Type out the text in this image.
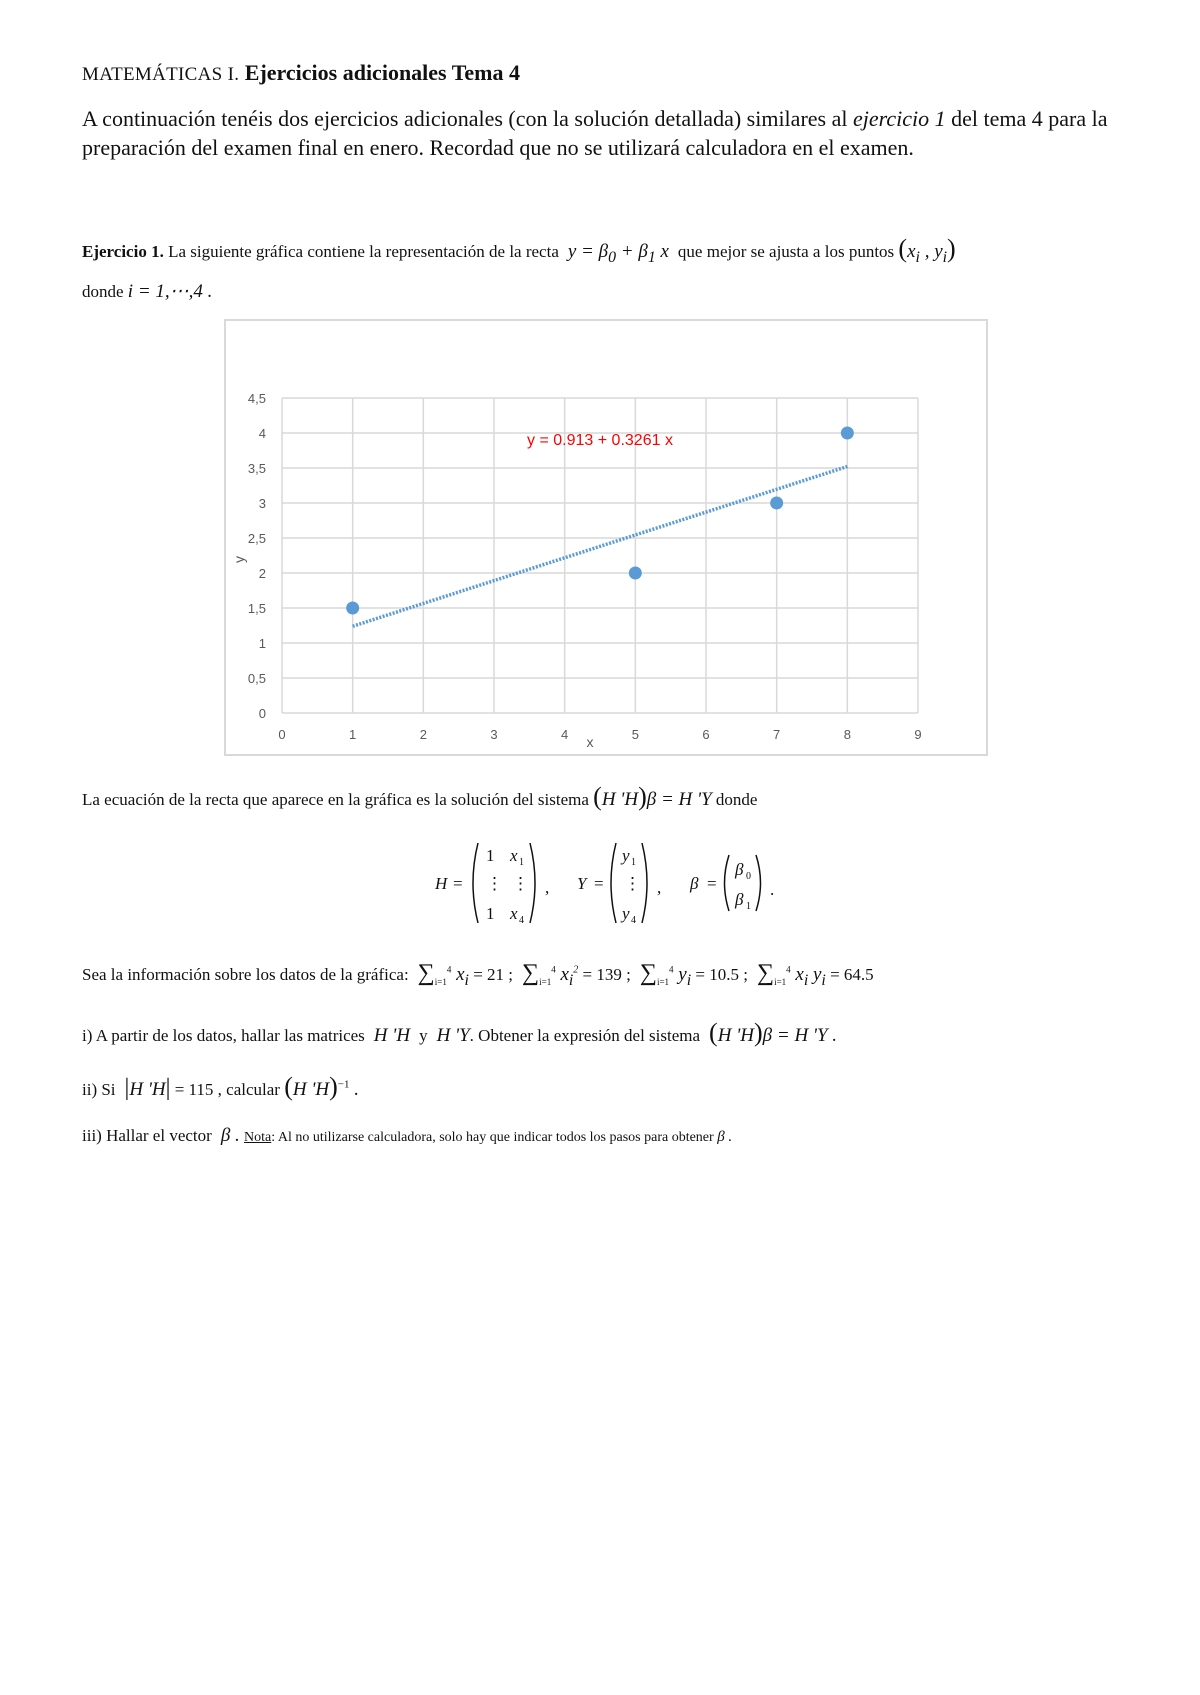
MATEMÁTICAS I. Ejercicios adicionales Tema 4
A continuación tenéis dos ejercicios adicionales (con la solución detallada) similares al ejercicio 1 del tema 4 para la preparación del examen final en enero. Recordad que no se utilizará calculadora en el examen.
Ejercicio 1. La siguiente gráfica contiene la representación de la recta  $y = \beta_0 + \beta_1$ x  que mejor se ajusta a los puntos ($x_i$ , $y_i$)
donde i = 1,⋯,4 .
0	1	2	3	4	5	6	7	8	9
0
0,5
1
1,5
2
2,5
3
3,5
4
4,5
x
y
y = 0.913 + 0.3261 x
La ecuación de la recta que aparece en la gráfica es la solución del sistema (H 'H)β = H 'Y donde
H =
1 x 1
⋮ ⋮
1 x 4
, Y =
y 1
⋮
y 4
, β =
β 0
β 1
.
Sea la información sobre los datos de la gráfica: $\sum_{i=1}^4$ $x_i = 21$ ; $\sum_{i=1}^4$ $x_i^2 = 139$ ; $\sum_{i=1}^4$ $y_i = 10.5$ ; $\sum_{i=1}^4$ $x_i$ $y_i = 64.5$
i) A partir de los datos, hallar las matrices  H 'H  y  H 'Y. Obtener la expresión del sistema (H 'H)β = H 'Y .
ii) Si |H 'H| = 115 , calcular (H 'H)$^{-1}$ .
iii) Hallar el vector  β . Nota: Al no utilizarse calculadora, solo hay que indicar todos los pasos para obtener β .
